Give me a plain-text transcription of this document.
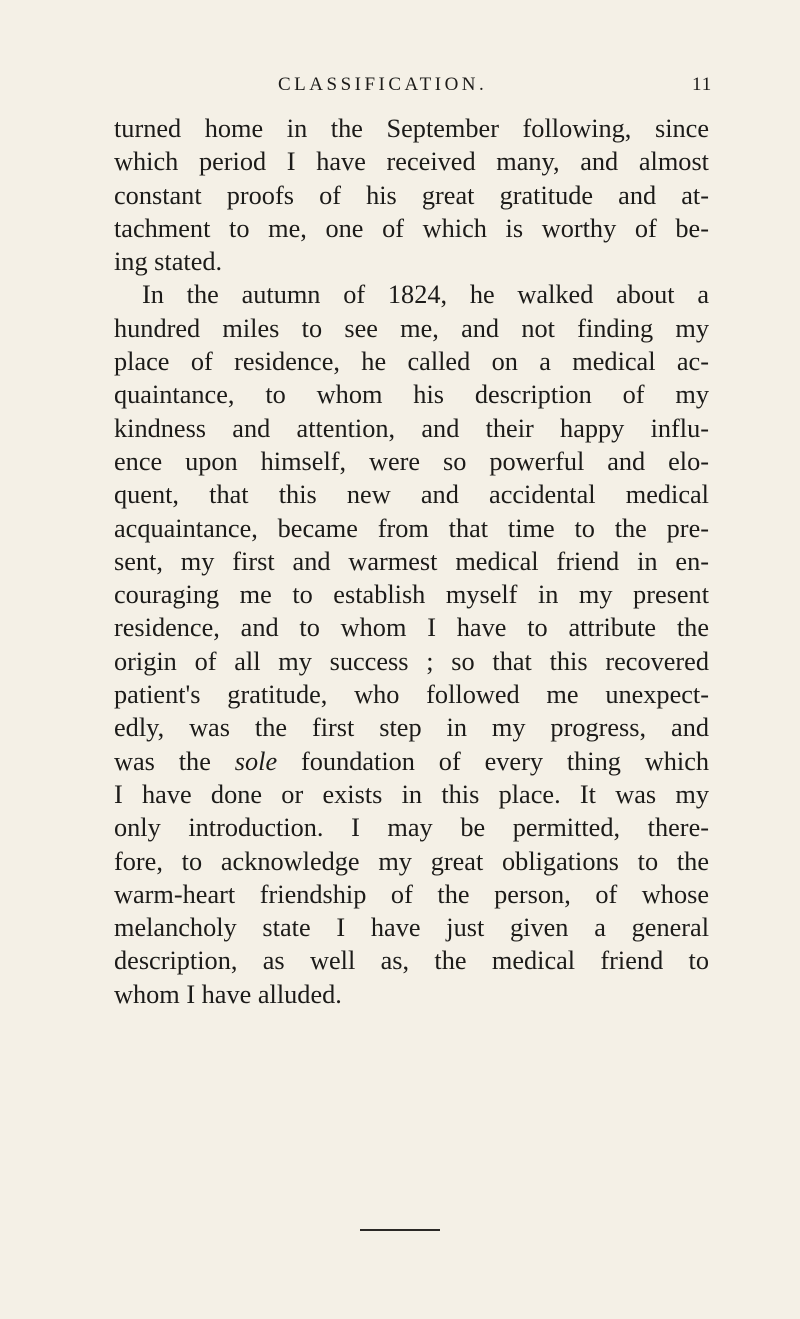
CLASSIFICATION.	11
turned home in the September following, since
which period I have received many, and almost
constant proofs of his great gratitude and at-
tachment to me, one of which is worthy of be-
ing stated.
In the autumn of 1824, he walked about a
hundred miles to see me, and not finding my
place of residence, he called on a medical ac-
quaintance, to whom his description of my
kindness and attention, and their happy influ-
ence upon himself, were so powerful and elo-
quent, that this new and accidental medical
acquaintance, became from that time to the pre-
sent, my first and warmest medical friend in en-
couraging me to establish myself in my present
residence, and to whom I have to attribute the
origin of all my success ; so that this recovered
patient's gratitude, who followed me unexpect-
edly, was the first step in my progress, and
was the sole foundation of every thing which
I have done or exists in this place. It was my
only introduction. I may be permitted, there-
fore, to acknowledge my great obligations to the
warm-heart friendship of the person, of whose
melancholy state I have just given a general
description, as well as, the medical friend to
whom I have alluded.
